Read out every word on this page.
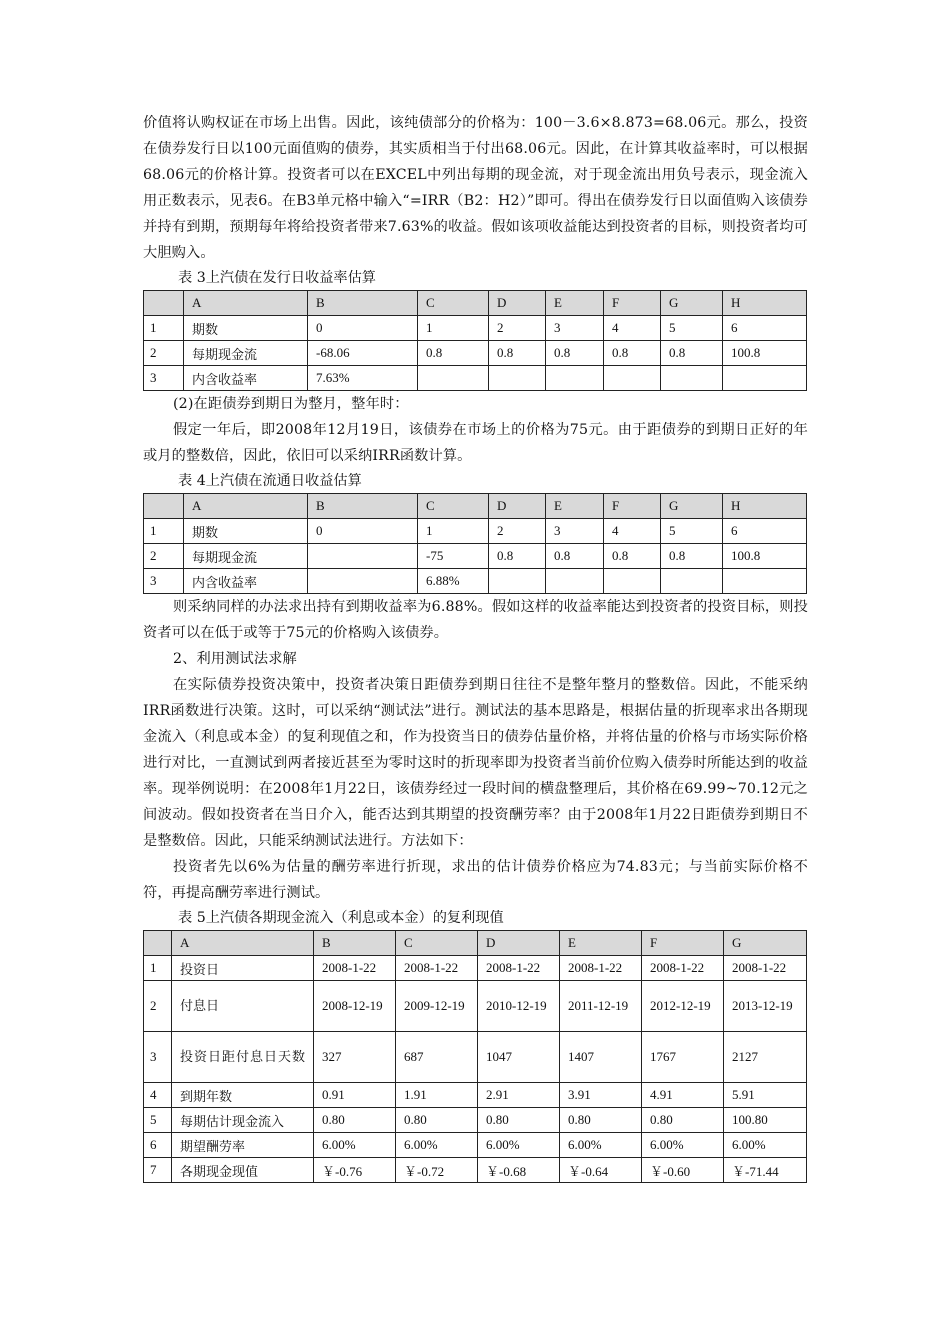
价值将认购权证在市场上出售。因此，该纯债部分的价格为：100－3.6×8.873=68.06元。那么，投资在债券发行日以100元面值购的债券，其实质相当于付出68.06元。因此，在计算其收益率时，可以根据68.06元的价格计算。投资者可以在EXCEL中列出每期的现金流，对于现金流出用负号表示，现金流入用正数表示，见表6。在B3单元格中输入“=IRR（B2：H2）”即可。得出在债券发行日以面值购入该债券并持有到期，预期每年将给投资者带来7.63%的收益。假如该项收益能达到投资者的目标，则投资者均可大胆购入。

表 3上汽债在发行日收益率估算
	A	B	C	D	E	F	G	H
1	期数	0	1	2	3	4	5	6
2	每期现金流	-68.06	0.8	0.8	0.8	0.8	0.8	100.8
3	内含收益率	7.63%						

(2)在距债券到期日为整月，整年时：

假定一年后，即2008年12月19日，该债券在市场上的价格为75元。由于距债券的到期日正好的年或月的整数倍，因此，依旧可以采纳IRR函数计算。

表 4上汽债在流通日收益估算
	A	B	C	D	E	F	G	H
1	期数	0	1	2	3	4	5	6
2	每期现金流		-75	0.8	0.8	0.8	0.8	100.8
3	内含收益率		6.88%					

则采纳同样的办法求出持有到期收益率为6.88%。假如这样的收益率能达到投资者的投资目标，则投资者可以在低于或等于75元的价格购入该债券。

2、利用测试法求解

在实际债券投资决策中，投资者决策日距债券到期日往往不是整年整月的整数倍。因此，不能采纳IRR函数进行决策。这时，可以采纳“测试法”进行。测试法的基本思路是，根据估量的折现率求出各期现金流入（利息或本金）的复利现值之和，作为投资当日的债券估量价格，并将估量的价格与市场实际价格进行对比，一直测试到两者接近甚至为零时这时的折现率即为投资者当前价位购入债券时所能达到的收益率。现举例说明：在2008年1月22日，该债券经过一段时间的横盘整理后，其价格在69.99~70.12元之间波动。假如投资者在当日介入，能否达到其期望的投资酬劳率？由于2008年1月22日距债券到期日不是整数倍。因此，只能采纳测试法进行。方法如下：

投资者先以6%为估量的酬劳率进行折现，求出的估计债券价格应为74.83元；与当前实际价格不符，再提高酬劳率进行测试。

表 5上汽债各期现金流入（利息或本金）的复利现值
	A	B	C	D	E	F	G
1	投资日	2008-1-22	2008-1-22	2008-1-22	2008-1-22	2008-1-22	2008-1-22
2	付息日	2008-12-19	2009-12-19	2010-12-19	2011-12-19	2012-12-19	2013-12-19
3	投资日距付息日天数	327	687	1047	1407	1767	2127
4	到期年数	0.91	1.91	2.91	3.91	4.91	5.91
5	每期估计现金流入	0.80	0.80	0.80	0.80	0.80	100.80
6	期望酬劳率	6.00%	6.00%	6.00%	6.00%	6.00%	6.00%
7	各期现金现值	￥-0.76	￥-0.72	￥-0.68	￥-0.64	￥-0.60	￥-71.44
